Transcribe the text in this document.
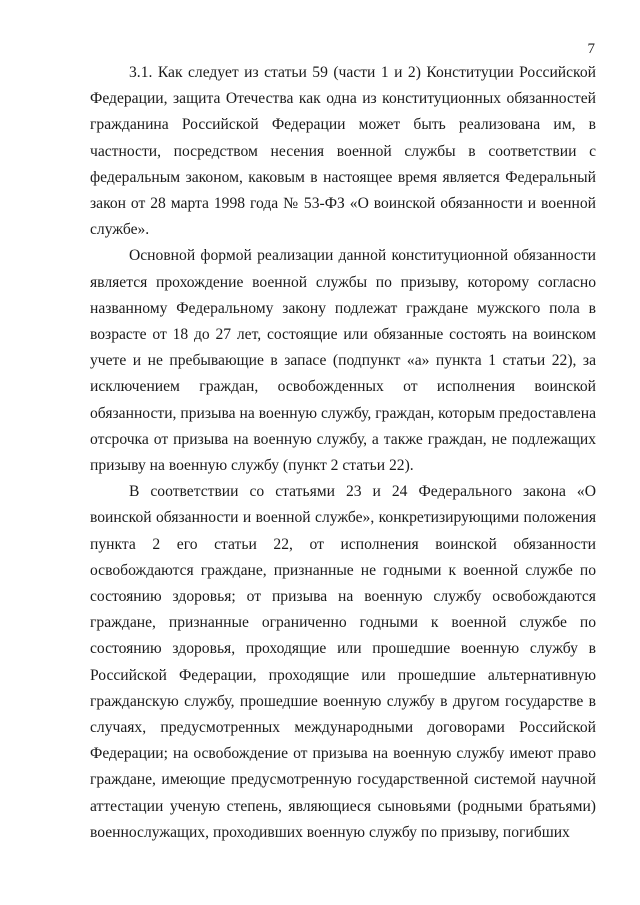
7

3.1. Как следует из статьи 59 (части 1 и 2) Конституции Российской Федерации, защита Отечества как одна из конституционных обязанностей гражданина Российской Федерации может быть реализована им, в частности, посредством несения военной службы в соответствии с федеральным законом, каковым в настоящее время является Федеральный закон от 28 марта 1998 года № 53-ФЗ «О воинской обязанности и военной службе».

Основной формой реализации данной конституционной обязанности является прохождение военной службы по призыву, которому согласно названному Федеральному закону подлежат граждане мужского пола в возрасте от 18 до 27 лет, состоящие или обязанные состоять на воинском учете и не пребывающие в запасе (подпункт «а» пункта 1 статьи 22), за исключением граждан, освобожденных от исполнения воинской обязанности, призыва на военную службу, граждан, которым предоставлена отсрочка от призыва на военную службу, а также граждан, не подлежащих призыву на военную службу (пункт 2 статьи 22).

В соответствии со статьями 23 и 24 Федерального закона «О воинской обязанности и военной службе», конкретизирующими положения пункта 2 его статьи 22, от исполнения воинской обязанности освобождаются граждане, признанные не годными к военной службе по состоянию здоровья; от призыва на военную службу освобождаются граждане, признанные ограниченно годными к военной службе по состоянию здоровья, проходящие или прошедшие военную службу в Российской Федерации, проходящие или прошедшие альтернативную гражданскую службу, прошедшие военную службу в другом государстве в случаях, предусмотренных международными договорами Российской Федерации; на освобождение от призыва на военную службу имеют право граждане, имеющие предусмотренную государственной системой научной аттестации ученую степень, являющиеся сыновьями (родными братьями) военнослужащих, проходивших военную службу по призыву, погибших
